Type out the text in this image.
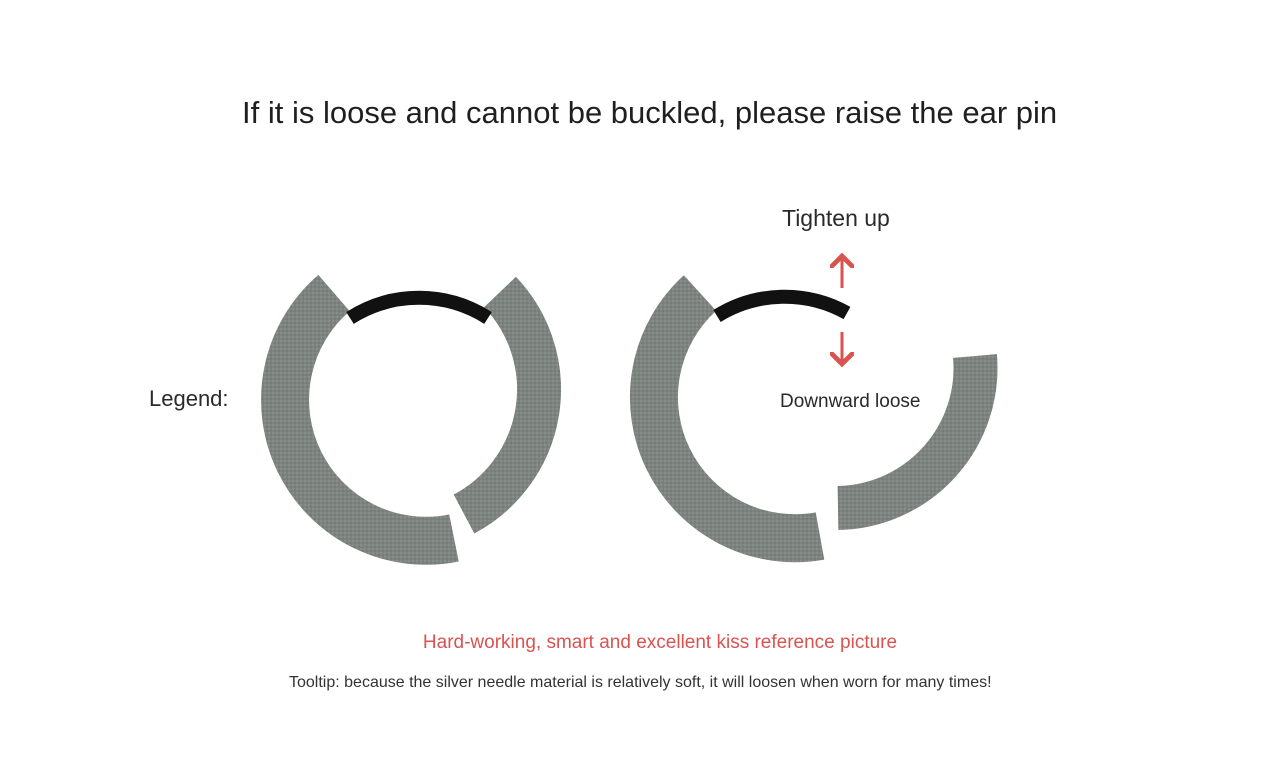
If it is loose and cannot be buckled, please raise the ear pin
Legend:
Tighten up
Downward loose
Hard-working, smart and excellent kiss reference picture
Tooltip: because the silver needle material is relatively soft, it will loosen when worn for many times!
